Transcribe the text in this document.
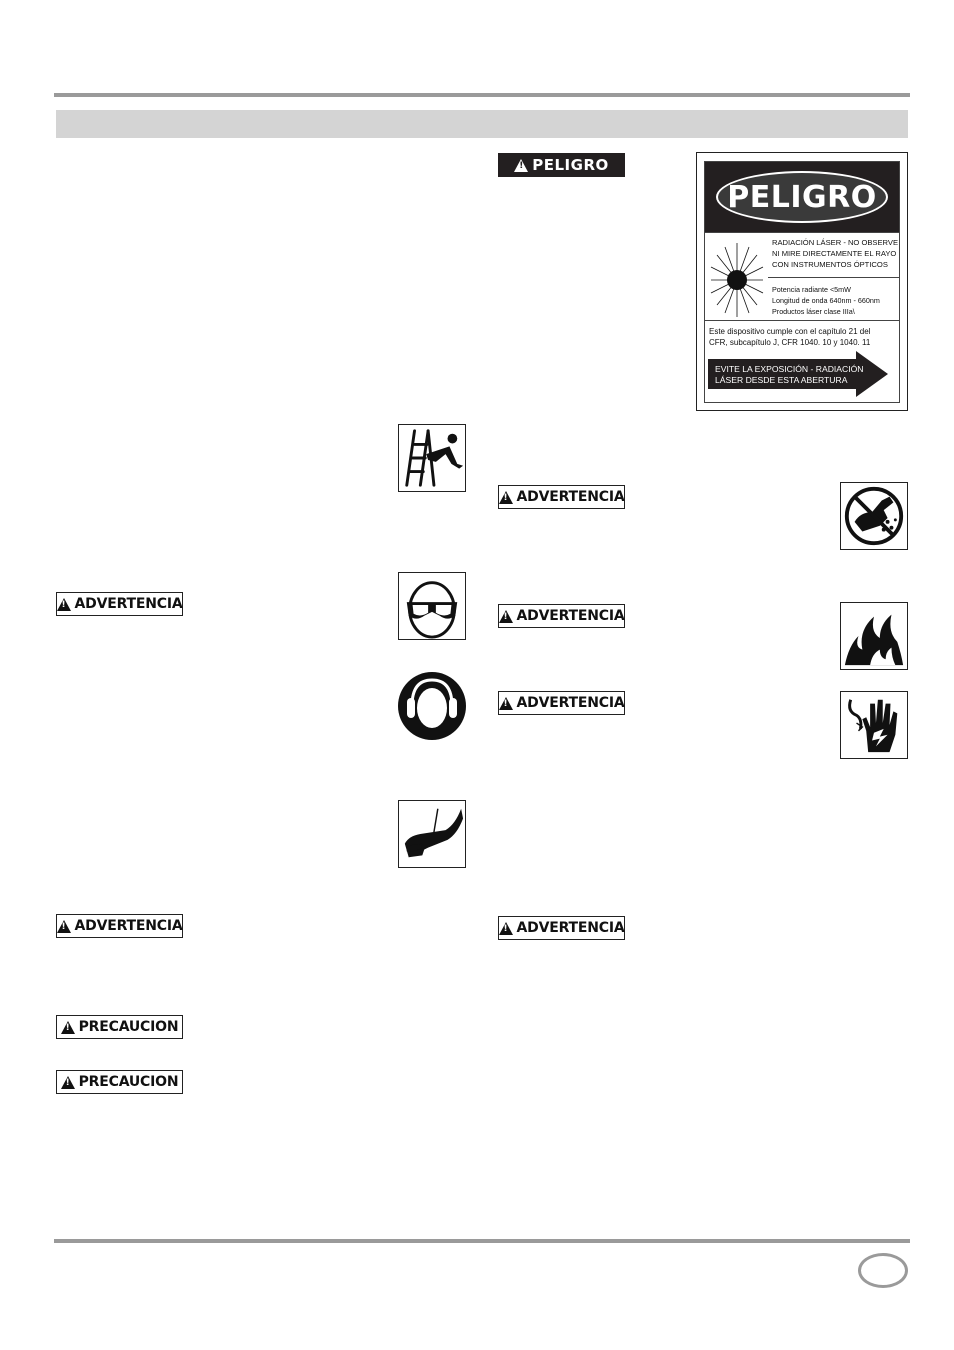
!
ADVERTENCIA
!
ADVERTENCIA
!
PRECAUCION
!
PRECAUCION
!
PELIGRO
PELIGRO
RADIACIÓN LÁSER - NO OBSERVE
NI MIRE DIRECTAMENTE EL RAYO
CON INSTRUMENTOS ÓPTICOS
Potencia radiante <5mW
Longitud de onda 640nm - 660nm
Productos láser clase IIIa\
Este dispositivo cumple con el capítulo 21 del
CFR, subcapítulo J, CFR 1040. 10 y 1040. 11
EVITE LA EXPOSICIÓN - RADIACIÓN
LÁSER DESDE ESTA ABERTURA
!
ADVERTENCIA
!
ADVERTENCIA
!
ADVERTENCIA
!
ADVERTENCIA
